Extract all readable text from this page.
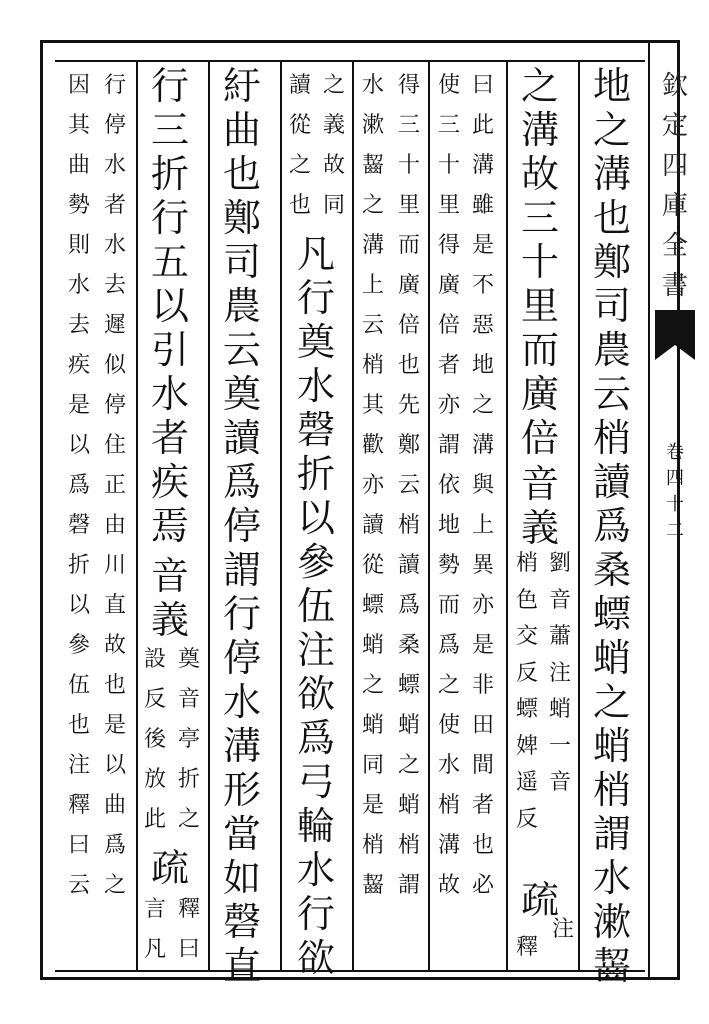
欽
定
四
庫
全
書
卷
四
十
二
地
之
溝
也
鄭
司
農
云
梢
讀
爲
桑
螵
蛸
之
蛸
梢
謂
水
漱
齧
之
溝
故
三
十
里
而
廣
倍
音
義
劉
音
蕭
注
蛸
一
音
梢
色
交
反
螵
婢
遥
反
疏
注
釋
曰
此
溝
雖
是
不
惡
地
之
溝
與
上
異
亦
是
非
田
間
者
也
必
使
三
十
里
得
廣
倍
者
亦
謂
依
地
勢
而
爲
之
使
水
梢
溝
故
得
三
十
里
而
廣
倍
也
先
鄭
云
梢
讀
爲
桑
螵
蛸
之
蛸
梢
謂
水
漱
齧
之
溝
上
云
梢
其
歡
亦
讀
從
螵
蛸
之
蛸
同
是
梢
齧
之
義
故
同
讀
從
之
也
凡
行
奠
水
磬
折
以
參
伍
注
欲
爲
弓
輪
水
行
欲
紆
曲
也
鄭
司
農
云
奠
讀
爲
停
謂
行
停
水
溝
形
當
如
磬
直
行
三
折
行
五
以
引
水
者
疾
焉
音
義
奠
音
亭
折
之
設
反
後
放
此
疏
釋
曰
言
凡
行
停
水
者
水
去
遲
似
停
住
正
由
川
直
故
也
是
以
曲
爲
之
因
其
曲
勢
則
水
去
疾
是
以
爲
磬
折
以
參
伍
也
注
釋
曰
云
